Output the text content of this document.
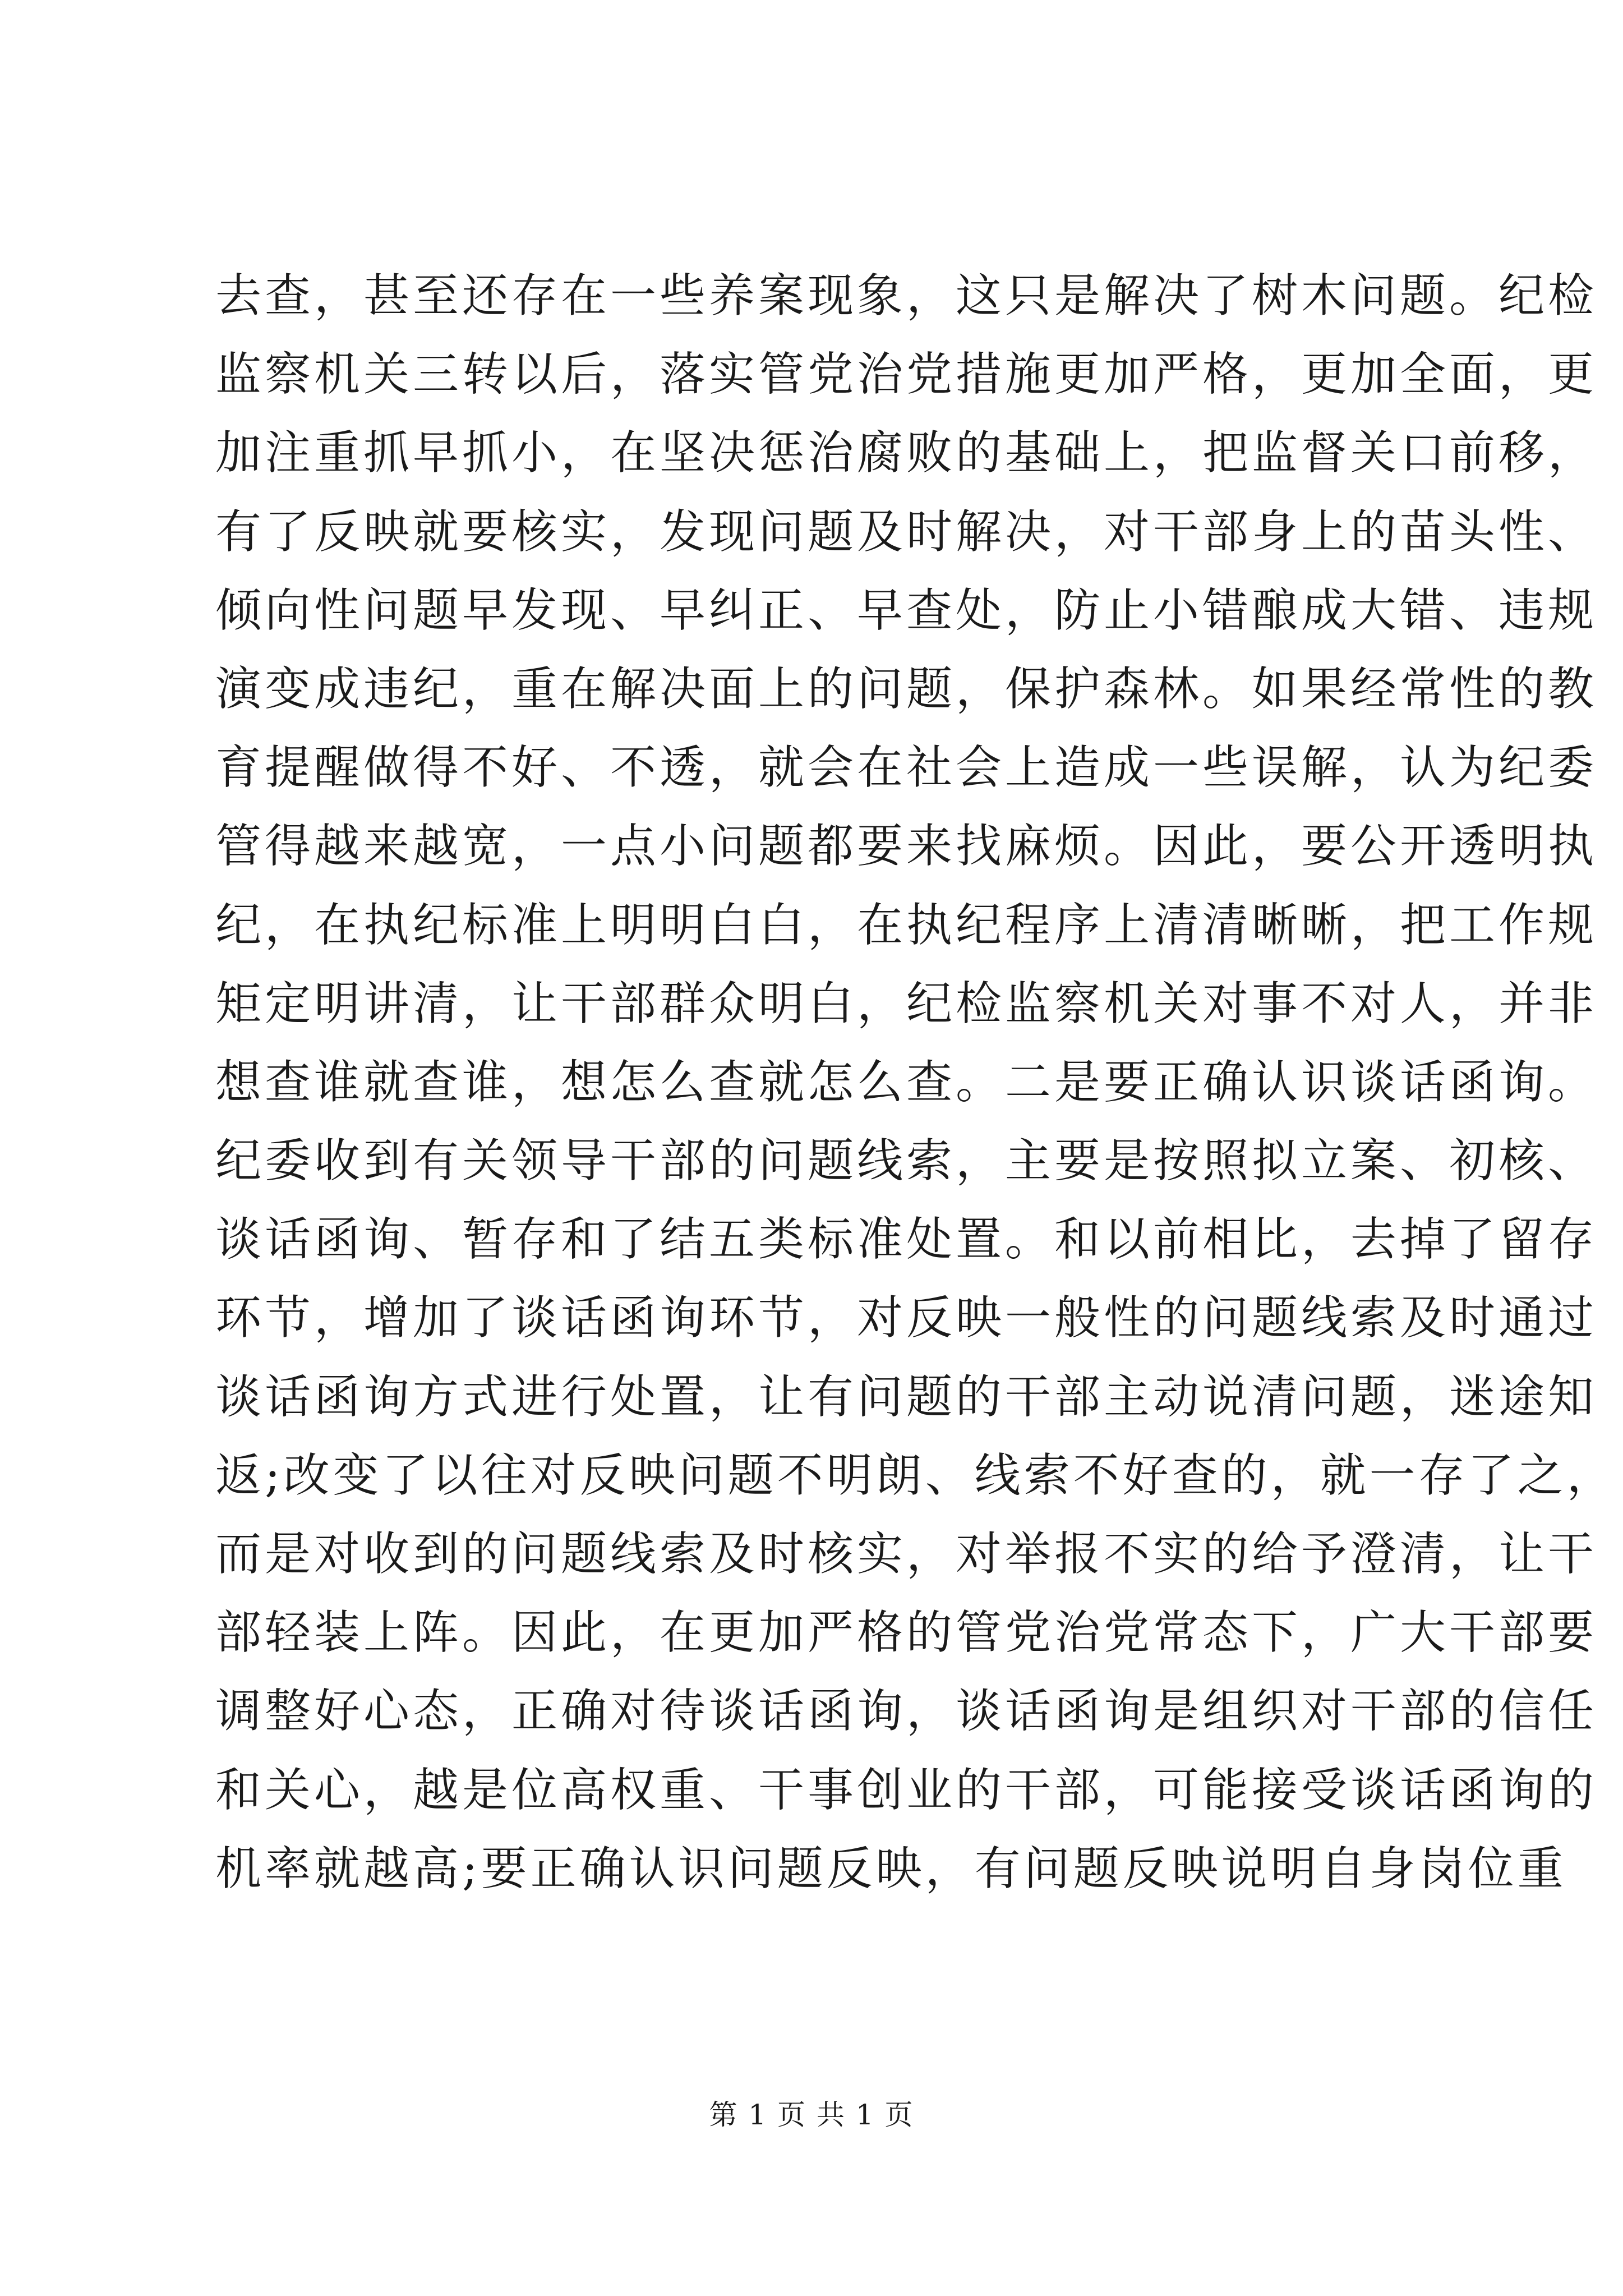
去查，甚至还存在一些养案现象，这只是解决了树木问题。纪检
监察机关三转以后，落实管党治党措施更加严格，更加全面，更
加注重抓早抓小，在坚决惩治腐败的基础上，把监督关口前移，
有了反映就要核实，发现问题及时解决，对干部身上的苗头性、
倾向性问题早发现、早纠正、早查处，防止小错酿成大错、违规
演变成违纪，重在解决面上的问题，保护森林。如果经常性的教
育提醒做得不好、不透，就会在社会上造成一些误解，认为纪委
管得越来越宽，一点小问题都要来找麻烦。因此，要公开透明执
纪，在执纪标准上明明白白，在执纪程序上清清晰晰，把工作规
矩定明讲清，让干部群众明白，纪检监察机关对事不对人，并非
想查谁就查谁，想怎么查就怎么查。二是要正确认识谈话函询。
纪委收到有关领导干部的问题线索，主要是按照拟立案、初核、
谈话函询、暂存和了结五类标准处置。和以前相比，去掉了留存
环节，增加了谈话函询环节，对反映一般性的问题线索及时通过
谈话函询方式进行处置，让有问题的干部主动说清问题，迷途知
返;改变了以往对反映问题不明朗、线索不好查的，就一存了之，
而是对收到的问题线索及时核实，对举报不实的给予澄清，让干
部轻装上阵。因此，在更加严格的管党治党常态下，广大干部要
调整好心态，正确对待谈话函询，谈话函询是组织对干部的信任
和关心，越是位高权重、干事创业的干部，可能接受谈话函询的
机率就越高;要正确认识问题反映，有问题反映说明自身岗位重
第 1 页 共 1 页
